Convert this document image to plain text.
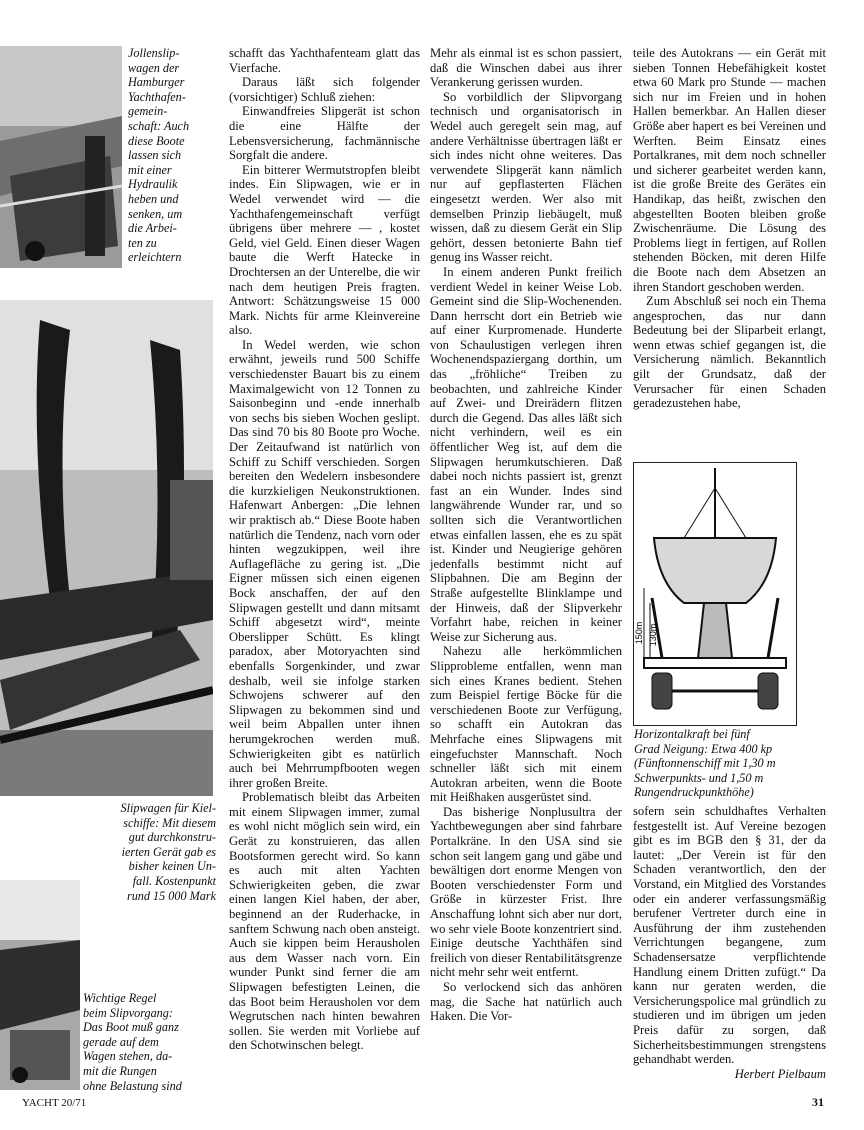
Jollenslip-
wagen der
Hamburger
Yachthafen-
gemein-
schaft: Auch
diese Boote
lassen sich
mit einer
Hydraulik
heben und
senken, um
die Arbei-
ten zu
erleichtern

Slipwagen für Kiel-
schiffe: Mit diesem
gut durchkonstru-
ierten Gerät gab es
bisher keinen Un-
fall. Kostenpunkt
rund 15 000 Mark

Wichtige Regel
beim Slipvorgang:
Das Boot muß ganz
gerade auf dem
Wagen stehen, da-
mit die Rungen
ohne Belastung sind

schafft das Yachthafenteam glatt das Vierfache.

Daraus läßt sich folgender (vorsichtiger) Schluß ziehen:

Einwandfreies Slipgerät ist schon die eine Hälfte der Lebensversicherung, fachmännische Sorgfalt die andere.

Ein bitterer Wermutstropfen bleibt indes. Ein Slipwagen, wie er in Wedel verwendet wird — die Yachthafengemeinschaft verfügt übrigens über mehrere — , kostet Geld, viel Geld. Einen dieser Wagen baute die Werft Hatecke in Drochtersen an der Unterelbe, die wir nach dem heutigen Preis fragten. Antwort: Schätzungsweise 15 000 Mark. Nichts für arme Kleinvereine also.

In Wedel werden, wie schon erwähnt, jeweils rund 500 Schiffe verschiedenster Bauart bis zu einem Maximalgewicht von 12 Tonnen zu Saisonbeginn und -ende innerhalb von sechs bis sieben Wochen geslipt. Das sind 70 bis 80 Boote pro Woche. Der Zeitaufwand ist natürlich von Schiff zu Schiff verschieden. Sorgen bereiten den Wedelern insbesondere die kurzkieligen Neukonstruktionen. Hafenwart Anbergen: „Die lehnen wir praktisch ab.“ Diese Boote haben natürlich die Tendenz, nach vorn oder hinten wegzukippen, weil ihre Auflagefläche zu gering ist. „Die Eigner müssen sich einen eigenen Bock anschaffen, der auf den Slipwagen gestellt und dann mitsamt Schiff abgesetzt wird“, meinte Oberslipper Schütt. Es klingt paradox, aber Motoryachten sind ebenfalls Sorgenkinder, und zwar deshalb, weil sie infolge starken Schwojens schwerer auf den Slipwagen zu bekommen sind und weil beim Abpallen unter ihnen herumgekrochen werden muß. Schwierigkeiten gibt es natürlich auch bei Mehrrumpfbooten wegen ihrer großen Breite.

Problematisch bleibt das Arbeiten mit einem Slipwagen immer, zumal es wohl nicht möglich sein wird, ein Gerät zu konstruieren, das allen Bootsformen gerecht wird. So kann es auch mit alten Yachten Schwierigkeiten geben, die zwar einen langen Kiel haben, der aber, beginnend an der Ruderhacke, in sanftem Schwung nach oben ansteigt. Auch sie kippen beim Herausholen aus dem Wasser nach vorn. Ein wunder Punkt sind ferner die am Slipwagen befestigten Leinen, die das Boot beim Herausholen vor dem Wegrutschen nach hinten bewahren sollen. Sie werden mit Vorliebe auf den Schotwinschen belegt.

Mehr als einmal ist es schon passiert, daß die Winschen dabei aus ihrer Verankerung gerissen wurden.

So vorbildlich der Slipvorgang technisch und organisatorisch in Wedel auch geregelt sein mag, auf andere Verhältnisse übertragen läßt er sich indes nicht ohne weiteres. Das verwendete Slipgerät kann nämlich nur auf gepflasterten Flächen eingesetzt werden. Wer also mit demselben Prinzip liebäugelt, muß wissen, daß zu diesem Gerät ein Slip gehört, dessen betonierte Bahn tief genug ins Wasser reicht.

In einem anderen Punkt freilich verdient Wedel in keiner Weise Lob. Gemeint sind die Slip-Wochenenden. Dann herrscht dort ein Betrieb wie auf einer Kurpromenade. Hunderte von Schaulustigen verlegen ihren Wochenendspaziergang dorthin, um das „fröhliche“ Treiben zu beobachten, und zahlreiche Kinder auf Zwei- und Dreirädern flitzen durch die Gegend. Das alles läßt sich nicht verhindern, weil es ein öffentlicher Weg ist, auf dem die Slipwagen herumkutschieren. Daß dabei noch nichts passiert ist, grenzt fast an ein Wunder. Indes sind langwährende Wunder rar, und so sollten sich die Verantwortlichen etwas einfallen lassen, ehe es zu spät ist. Kinder und Neugierige gehören jedenfalls bestimmt nicht auf Slipbahnen. Die am Beginn der Straße aufgestellte Blinklampe und der Hinweis, daß der Slipverkehr Vorfahrt habe, reichen in keiner Weise zur Sicherung aus.

Nahezu alle herkömmlichen Slipprobleme entfallen, wenn man sich eines Kranes bedient. Stehen zum Beispiel fertige Böcke für die verschiedenen Boote zur Verfügung, so schafft ein Autokran das Mehrfache eines Slipwagens mit eingefuchster Mannschaft. Noch schneller läßt sich mit einem Autokran arbeiten, wenn die Boote mit Heißhaken ausgerüstet sind.

Das bisherige Nonplusultra der Yachtbewegungen aber sind fahrbare Portalkräne. In den USA sind sie schon seit langem gang und gäbe und bewältigen dort enorme Mengen von Booten verschiedenster Form und Größe in kürzester Frist. Ihre Anschaffung lohnt sich aber nur dort, wo sehr viele Boote konzentriert sind. Einige deutsche Yachthäfen sind freilich von dieser Rentabilitätsgrenze nicht mehr sehr weit entfernt.

So verlockend sich das anhören mag, die Sache hat natürlich auch Haken. Die Vor-

teile des Autokrans — ein Gerät mit sieben Tonnen Hebefähigkeit kostet etwa 60 Mark pro Stunde — machen sich nur im Freien und in hohen Hallen bemerkbar. An Hallen dieser Größe aber hapert es bei Vereinen und Werften. Beim Einsatz eines Portalkranes, mit dem noch schneller und sicherer gearbeitet werden kann, ist die große Breite des Gerätes ein Handikap, das heißt, zwischen den abgestellten Booten bleiben große Zwischenräume. Die Lösung des Problems liegt in fertigen, auf Rollen stehenden Böcken, mit deren Hilfe die Boote nach dem Absetzen an ihren Standort geschoben werden.

Zum Abschluß sei noch ein Thema angesprochen, das nur dann Bedeutung bei der Sliparbeit erlangt, wenn etwas schief gegangen ist, die Versicherung nämlich. Bekanntlich gilt der Grundsatz, daß der Verursacher für einen Schaden geradezustehen habe,

150m 130m

Horizontalkraft bei fünf
Grad Neigung: Etwa 400 kp
(Fünftonnenschiff mit 1,30 m
Schwerpunkts- und 1,50 m
Rungendruckpunkthöhe)

sofern sein schuldhaftes Verhalten festgestellt ist. Auf Vereine bezogen gibt es im BGB den § 31, der da lautet: „Der Verein ist für den Schaden verantwortlich, den der Vorstand, ein Mitglied des Vorstandes oder ein anderer verfassungsmäßig berufener Vertreter durch eine in Ausführung der ihm zustehenden Verrichtungen begangene, zum Schadensersatze verpflichtende Handlung einem Dritten zufügt.“ Da kann nur geraten werden, die Versicherungspolice mal gründlich zu studieren und im übrigen um jeden Preis dafür zu sorgen, daß Sicherheitsbestimmungen strengstens gehandhabt werden.

Herbert Pielbaum

YACHT 20/71	31
